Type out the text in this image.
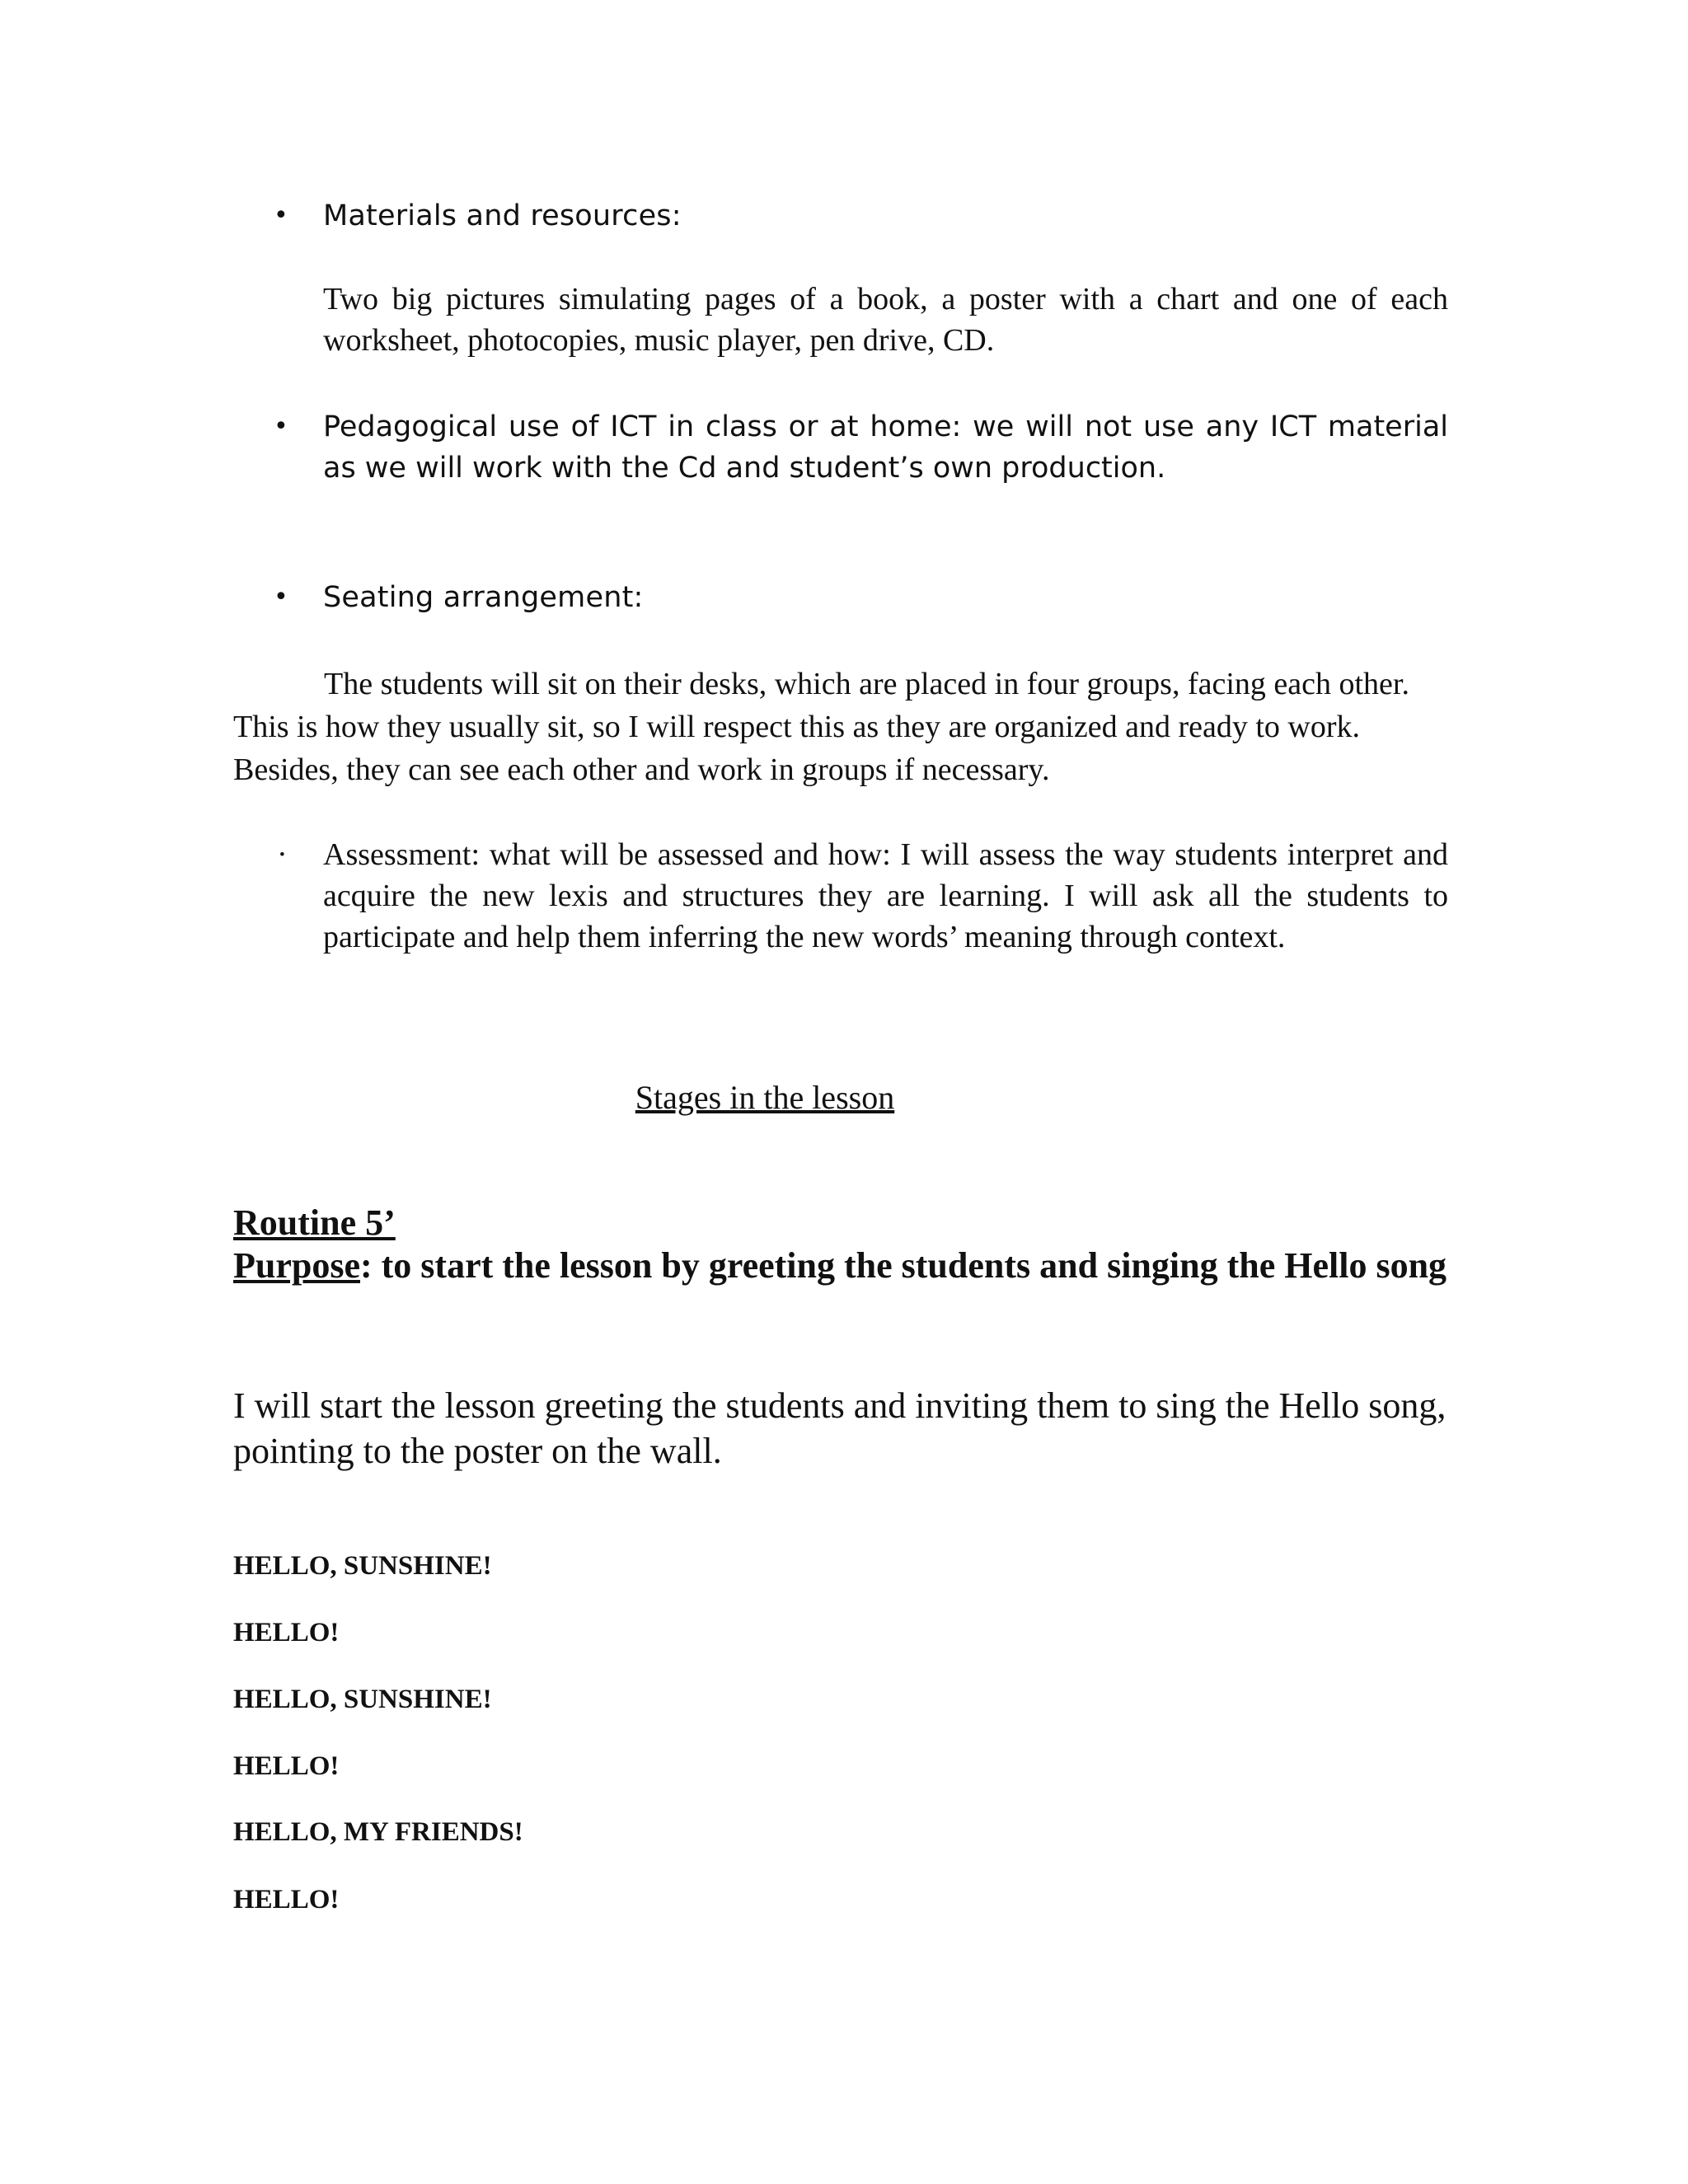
• Materials and resources:
Two big pictures simulating pages of a book, a poster with a chart and one of each worksheet, photocopies, music player, pen drive, CD.
• Pedagogical use of ICT in class or at home: we will not use any ICT material as we will work with the Cd and student’s own production.
• Seating arrangement:
The students will sit on their desks, which are placed in four groups, facing each other. This is how they usually sit, so I will respect this as they are organized and ready to work. Besides, they can see each other and work in groups if necessary.
· Assessment: what will be assessed and how: I will assess the way students interpret and acquire the new lexis and structures they are learning. I will ask all the students to participate and help them inferring the new words’ meaning through context.
Stages in the lesson
Routine 5’
Purpose: to start the lesson by greeting the students and singing the Hello song
I will start the lesson greeting the students and inviting them to sing the Hello song, pointing to the poster on the wall.
HELLO, SUNSHINE!
HELLO!
HELLO, SUNSHINE!
HELLO!
HELLO, MY FRIENDS!
HELLO!
